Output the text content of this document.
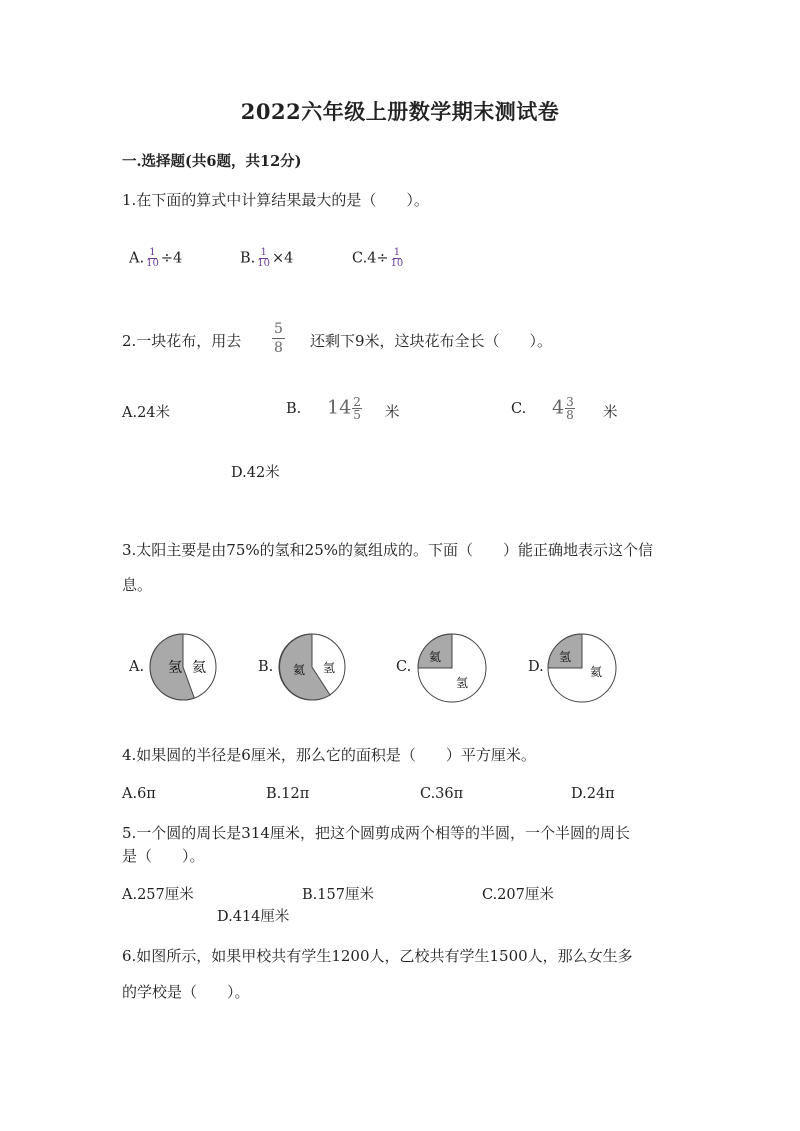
2022六年级上册数学期末测试卷
一.选择题(共6题，共12分)
1.在下面的算式中计算结果最大的是（　　）。
A. $\frac{1}{10} \div 4$	B. $\frac{1}{10} \times 4$	$C.4\div \frac{1}{10}$
2.一块花布，用去 $\frac{5}{8}$ 还剩下9米，这块花布全长（　　）。
A.24米	B. $14 \frac{2}{5}$ 米	C. $4 \frac{3}{8}$ 米
D.42米
3.太阳主要是由75%的氢和25%的氦组成的。下面（　　）能正确地表示这个信
息。
A. 氢 氦	B. 氦 氢	C.
氦
氢
D.
氢
氦
4.如果圆的半径是6厘米，那么它的面积是（　　）平方厘米。
A.6π	B.12π	C.36π	D.24π
5.一个圆的周长是314厘米，把这个圆剪成两个相等的半圆，一个半圆的周长
是（　　）。
A.257厘米	B.157厘米	C.207厘米
D.414厘米
6.如图所示，如果甲校共有学生1200人，乙校共有学生1500人，那么女生多
的学校是（　　）。
